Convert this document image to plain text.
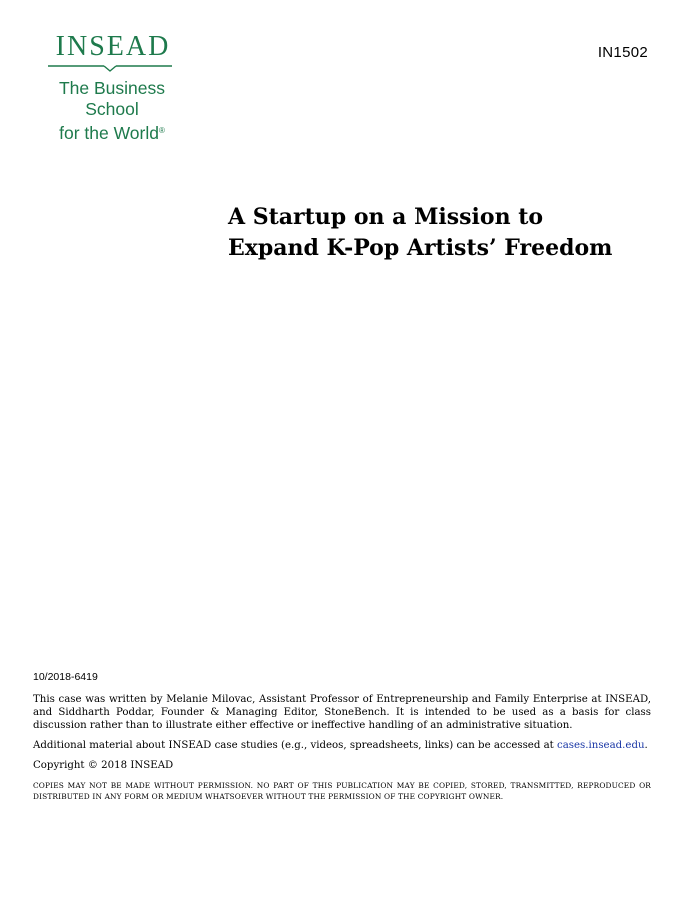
INSEAD
The Business School
for the World®
IN1502
A Startup on a Mission to
Expand K-Pop Artists’ Freedom

10/2018-6419

This case was written by Melanie Milovac, Assistant Professor of Entrepreneurship and Family Enterprise at INSEAD, and Siddharth Poddar, Founder & Managing Editor, StoneBench. It is intended to be used as a basis for class discussion rather than to illustrate either effective or ineffective handling of an administrative situation.

Additional material about INSEAD case studies (e.g., videos, spreadsheets, links) can be accessed at cases.insead.edu.

Copyright © 2018 INSEAD

COPIES MAY NOT BE MADE WITHOUT PERMISSION. NO PART OF THIS PUBLICATION MAY BE COPIED, STORED, TRANSMITTED, REPRODUCED OR DISTRIBUTED IN ANY FORM OR MEDIUM WHATSOEVER WITHOUT THE PERMISSION OF THE COPYRIGHT OWNER.
